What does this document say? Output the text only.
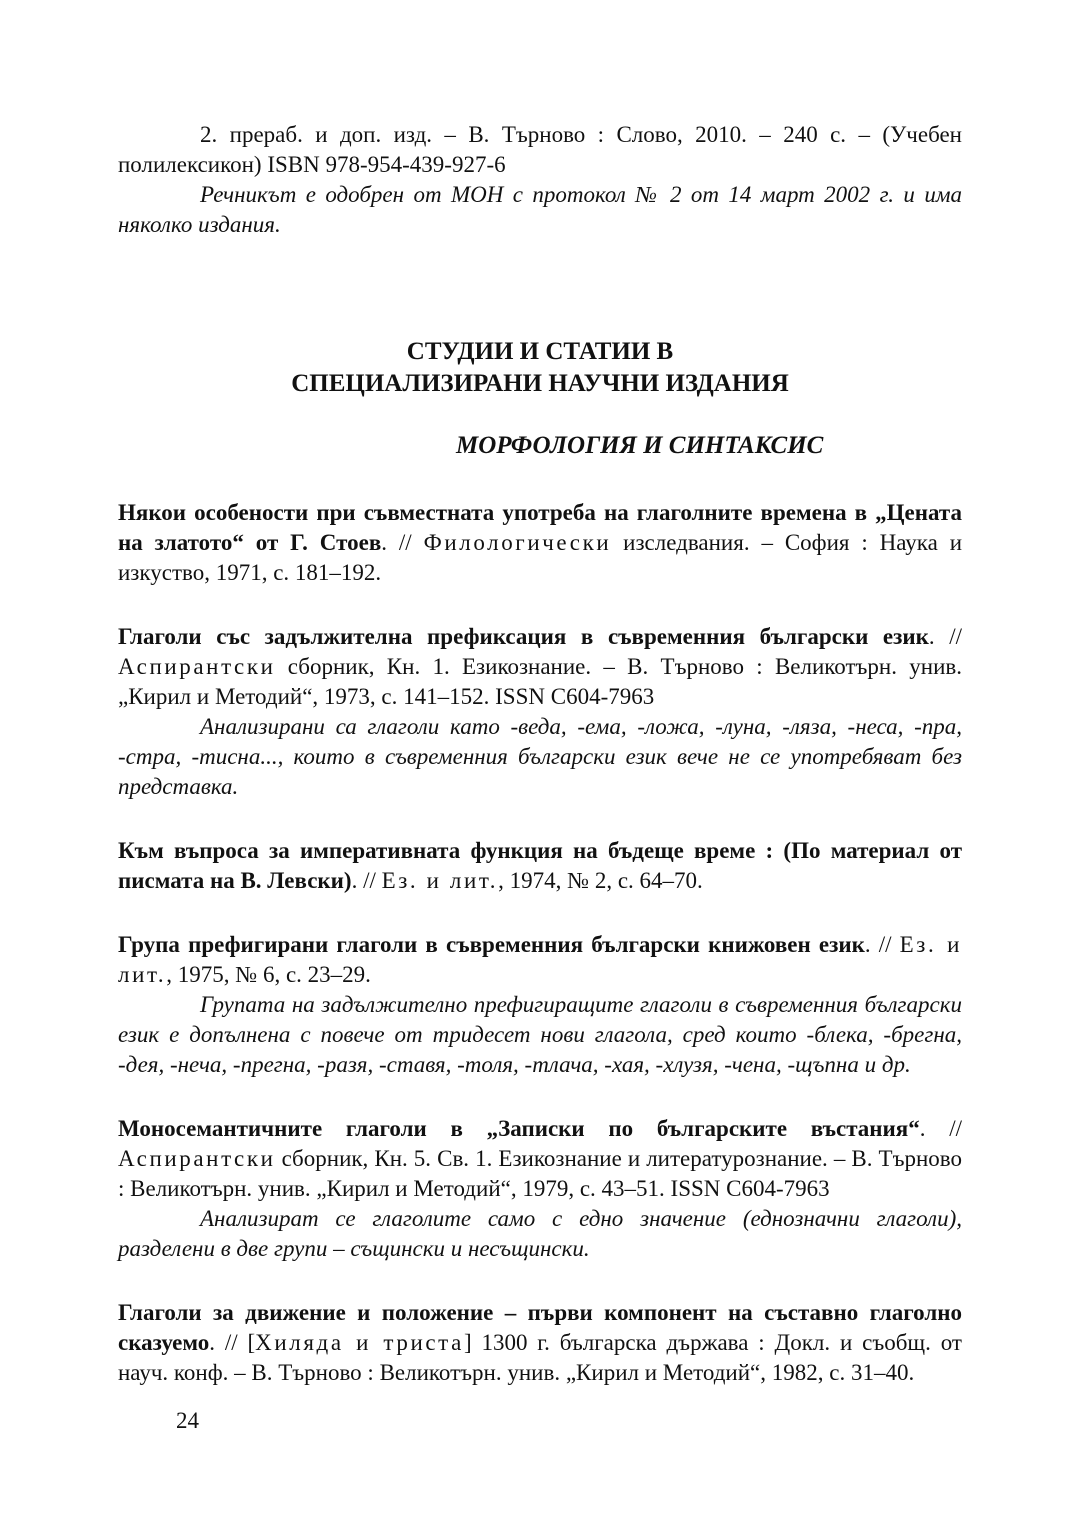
2. прераб. и доп. изд. – В. Търново : Слово, 2010. – 240 с. – (Учебен полилексикон) ISBN 978-954-439-927-6

Речникът е одобрен от МОН с протокол № 2 от 14 март 2002 г. и има няколко издания.

СТУДИИ И СТАТИИ В
СПЕЦИАЛИЗИРАНИ НАУЧНИ ИЗДАНИЯ
МОРФОЛОГИЯ И СИНТАКСИС
Някои особености при съвместната употреба на глаголните времена в „Цената на златото“ от Г. Стоев. // Филологически изследвания. – София : Наука и изкуство, 1971, с. 181–192.
Глаголи със задължителна префиксация в съвременния български език. // Аспирантски сборник, Кн. 1. Езикознание. – В. Търново : Великотърн. унив. „Кирил и Методий“, 1973, с. 141–152. ISSN C604-7963

Анализирани са глаголи като -веда, -ема, -ложа, -луна, -ляза, -неса, -пра, -стра, -тисна..., които в съвременния български език вече не се употребяват без представка.

Към въпроса за императивната функция на бъдеще време : (По материал от писмата на В. Левски). // Ез. и лит., 1974, № 2, с. 64–70.
Група префигирани глаголи в съвременния български книжовен език. // Ез. и лит., 1975, № 6, с. 23–29.

Групата на задължително префигиращите глаголи в съвременния български език е допълнена с повече от тридесет нови глагола, сред които -блека, -брегна, -дея, -неча, -прегна, -разя, -ставя, -толя, -тлача, -хая, -хлузя, -чена, -щъпна и др.

Моносемантичните глаголи в „Записки по българските въстания“. // Аспирантски сборник, Кн. 5. Св. 1. Езикознание и литературознание. – В. Търново : Великотърн. унив. „Кирил и Методий“, 1979, с. 43–51. ISSN C604-7963

Анализират се глаголите само с едно значение (еднозначни глаголи), разделени в две групи – същински и несъщински.

Глаголи за движение и положение – първи компонент на съставно глаголно сказуемо. // [Хиляда и триста] 1300 г. българска държава : Докл. и съобщ. от науч. конф. – В. Търново : Великотърн. унив. „Кирил и Методий“, 1982, с. 31–40.
24
